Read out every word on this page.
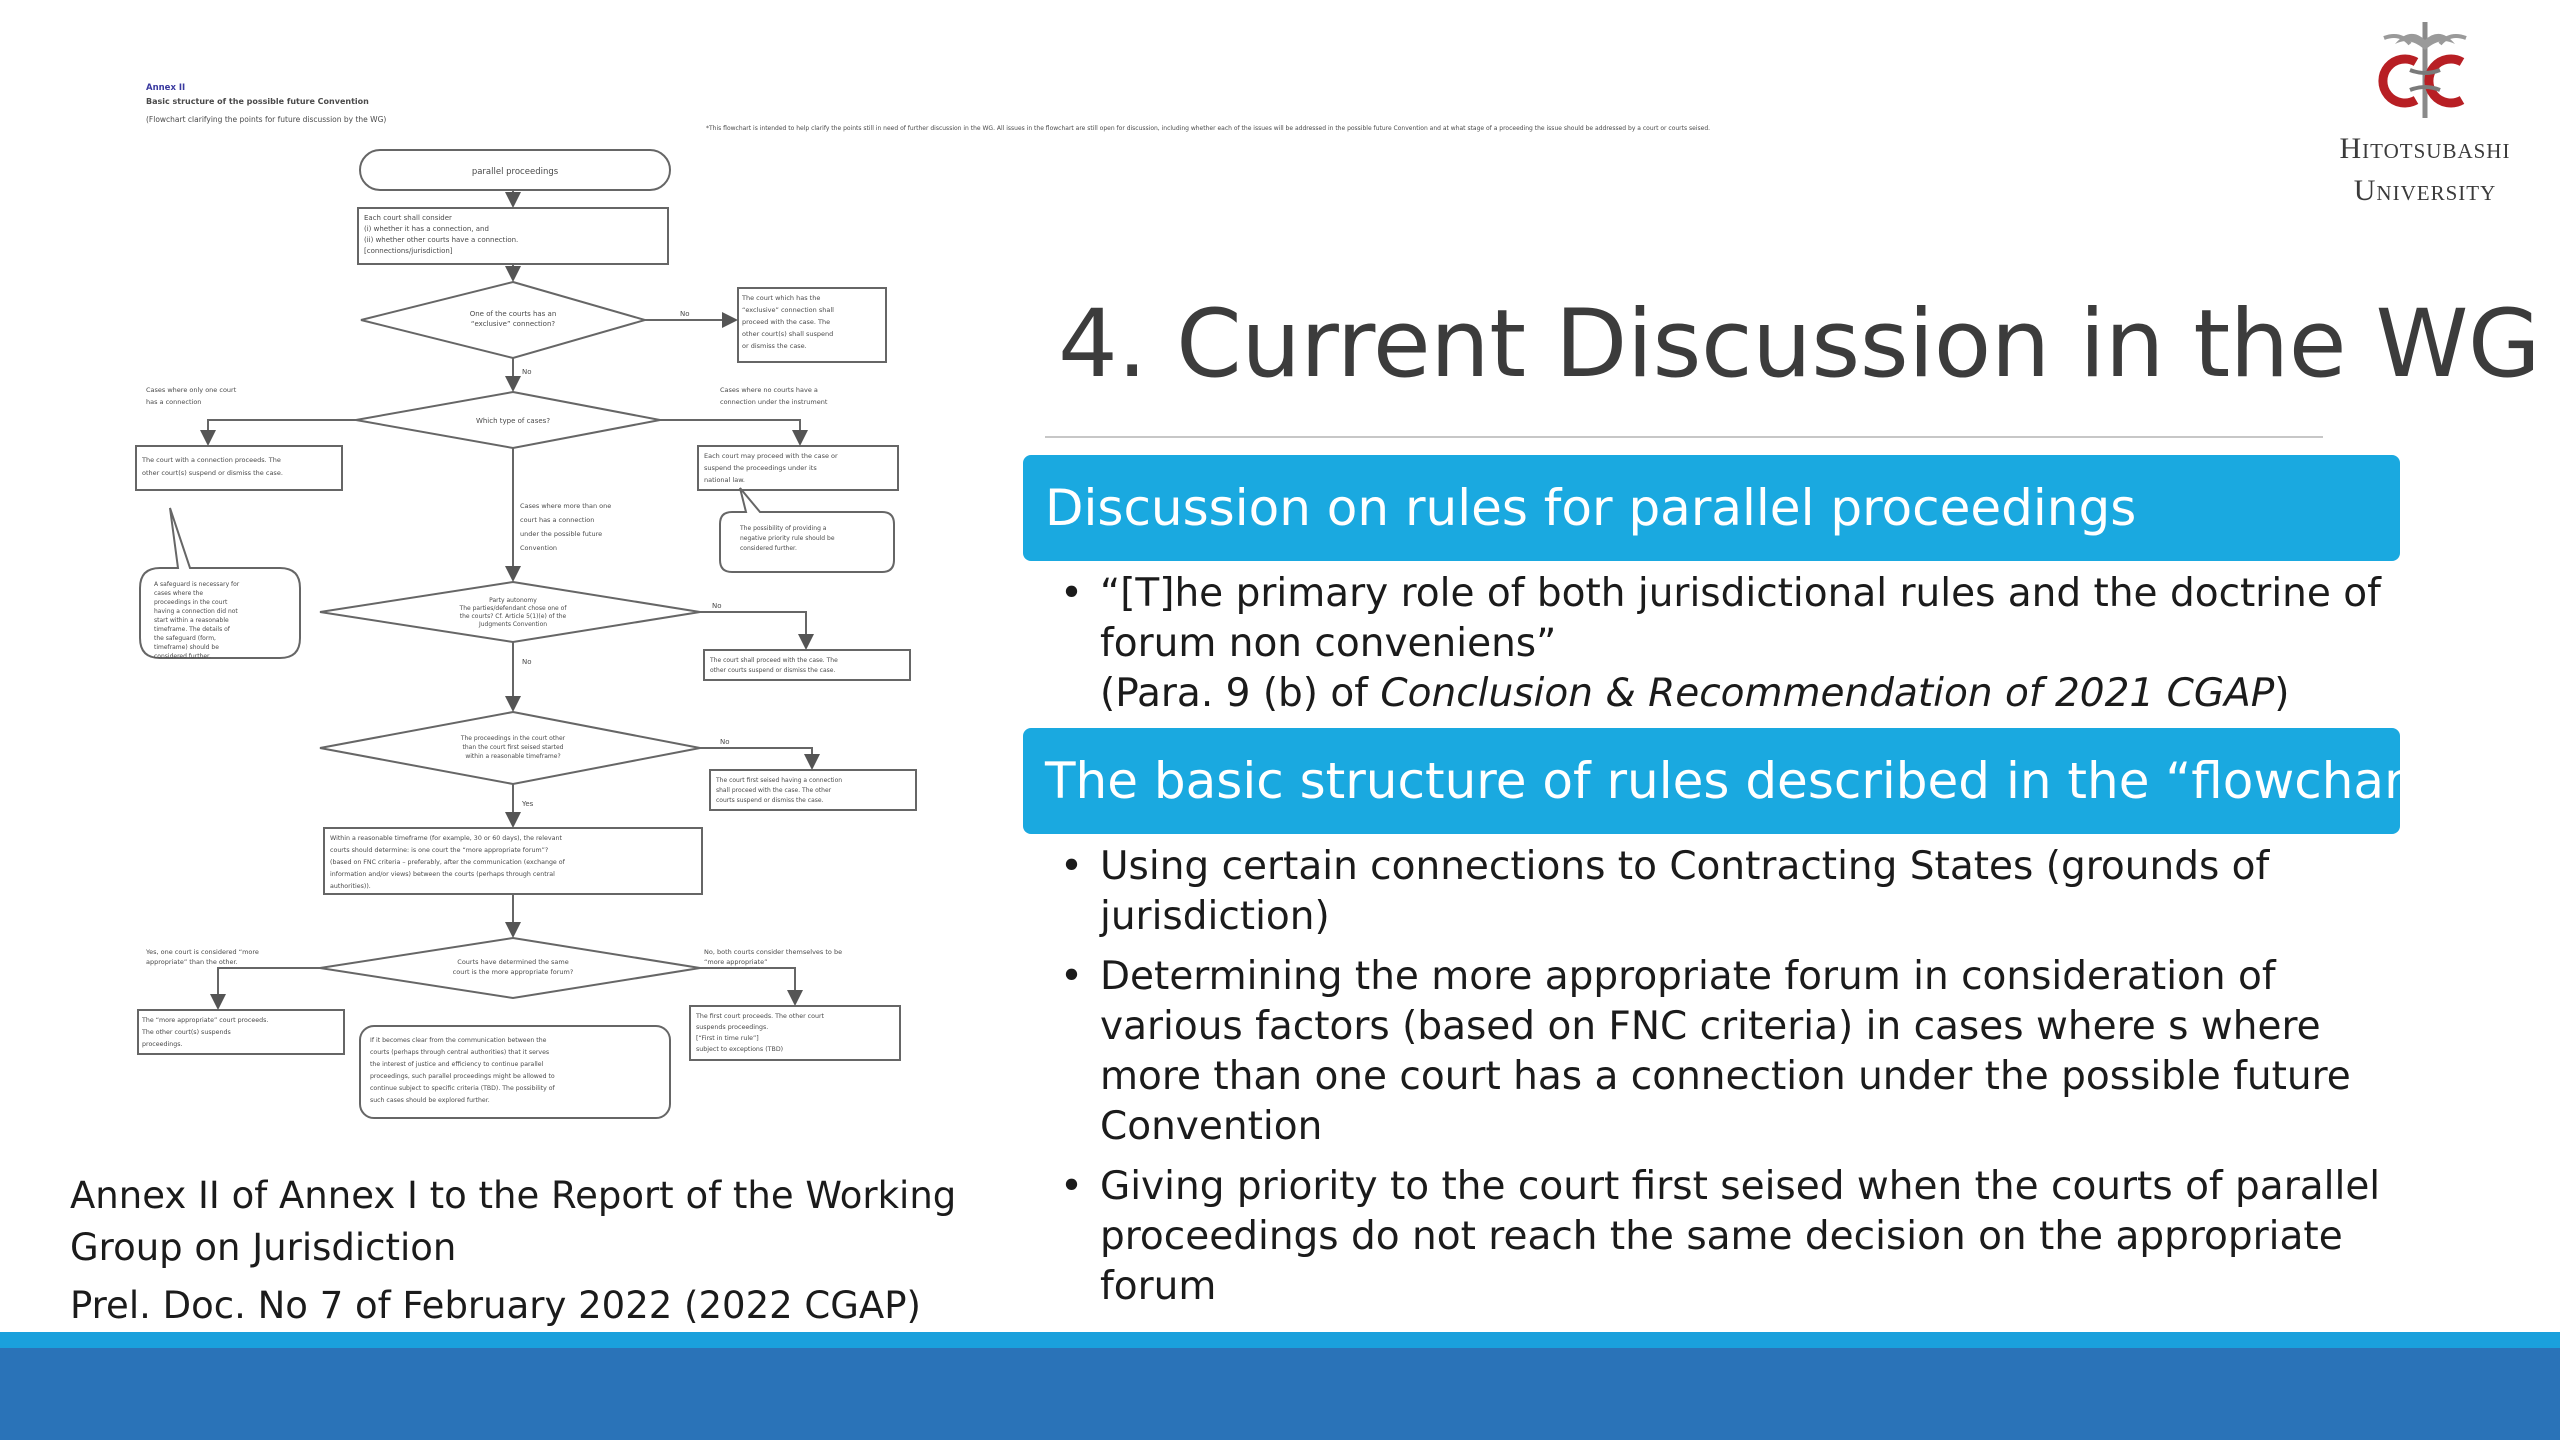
Hitotsubashi
University
4. Current Discussion in the WG
Discussion on rules for parallel proceedings
• “[T]he primary role of both jurisdictional rules and the doctrine of forum non conveniens”
(Para. 9 (b) of Conclusion & Recommendation of 2021 CGAP)
The basic structure of rules described in the “flowchart”
• Using certain connections to Contracting States (grounds of jurisdiction)
• Determining the more appropriate forum in consideration of various factors (based on FNC criteria) in cases where s where more than one court has a connection under the possible future Convention
• Giving priority to the court first seised when the courts of parallel proceedings do not reach the same decision on the appropriate forum
Annex II of Annex I to the Report of the Working
Group on Jurisdiction
Prel. Doc. No 7 of February 2022 (2022 CGAP)
Annex II
Basic structure of the possible future Convention
(Flowchart clarifying the points for future discussion by the WG)
parallel proceedings
*This flowchart is intended to help clarify the points still in need of further discussion in the WG. All issues in the flowchart are still open for discussion, including whether each of the issues will be addressed in the possible future Convention and at what stage of a proceeding the issue should be addressed by a court or courts seised.
Each court shall consider
(i) whether it has a connection, and
(ii) whether other courts have a connection.
[connections/jurisdiction]
One of the courts has an
“exclusive” connection?
The court which has the
“exclusive” connection shall
proceed with the case. The
other court(s) shall suspend
or dismiss the case.
Which type of cases?
Cases where only one court
has a connection
Cases where no courts have a
connection under the instrument
The court with a connection proceeds. The
other court(s) suspend or dismiss the case.
Each court may proceed with the case or
suspend the proceedings under its
national law.
A safeguard is necessary for
cases where the
proceedings in the court
having a connection did not
start within a reasonable
timeframe. The details of
the safeguard (form,
timeframe) should be
considered further.
The possibility of providing a
negative priority rule should be
considered further.
Cases where more than one
court has a connection
under the possible future
Convention
Party autonomy
The parties/defendant chose one of
the courts? Cf. Article 5(1)(e) of the
Judgments Convention
The court shall proceed with the case. The
other courts suspend or dismiss the case.
The proceedings in the court other
than the court first seised started
within a reasonable timeframe?
The court first seised having a connection
shall proceed with the case. The other
courts suspend or dismiss the case.
Within a reasonable timeframe (for example, 30 or 60 days), the relevant
courts should determine: is one court the “more appropriate forum”?
(based on FNC criteria – preferably, after the communication (exchange of
information and/or views) between the courts (perhaps through central
authorities)).
Yes, one court is considered “more
appropriate” than the other.
No, both courts consider themselves to be
“more appropriate”
Courts have determined the same
court is the more appropriate forum?
The “more appropriate” court proceeds.
The other court(s) suspends
proceedings.
The first court proceeds. The other court
suspends proceedings.
[“First in time rule”]
subject to exceptions (TBD)
If it becomes clear from the communication between the
courts (perhaps through central authorities) that it serves
the interest of justice and efficiency to continue parallel
proceedings, such parallel proceedings might be allowed to
continue subject to specific criteria (TBD). The possibility of
such cases should be explored further.
No
No
No
No
No
Yes
